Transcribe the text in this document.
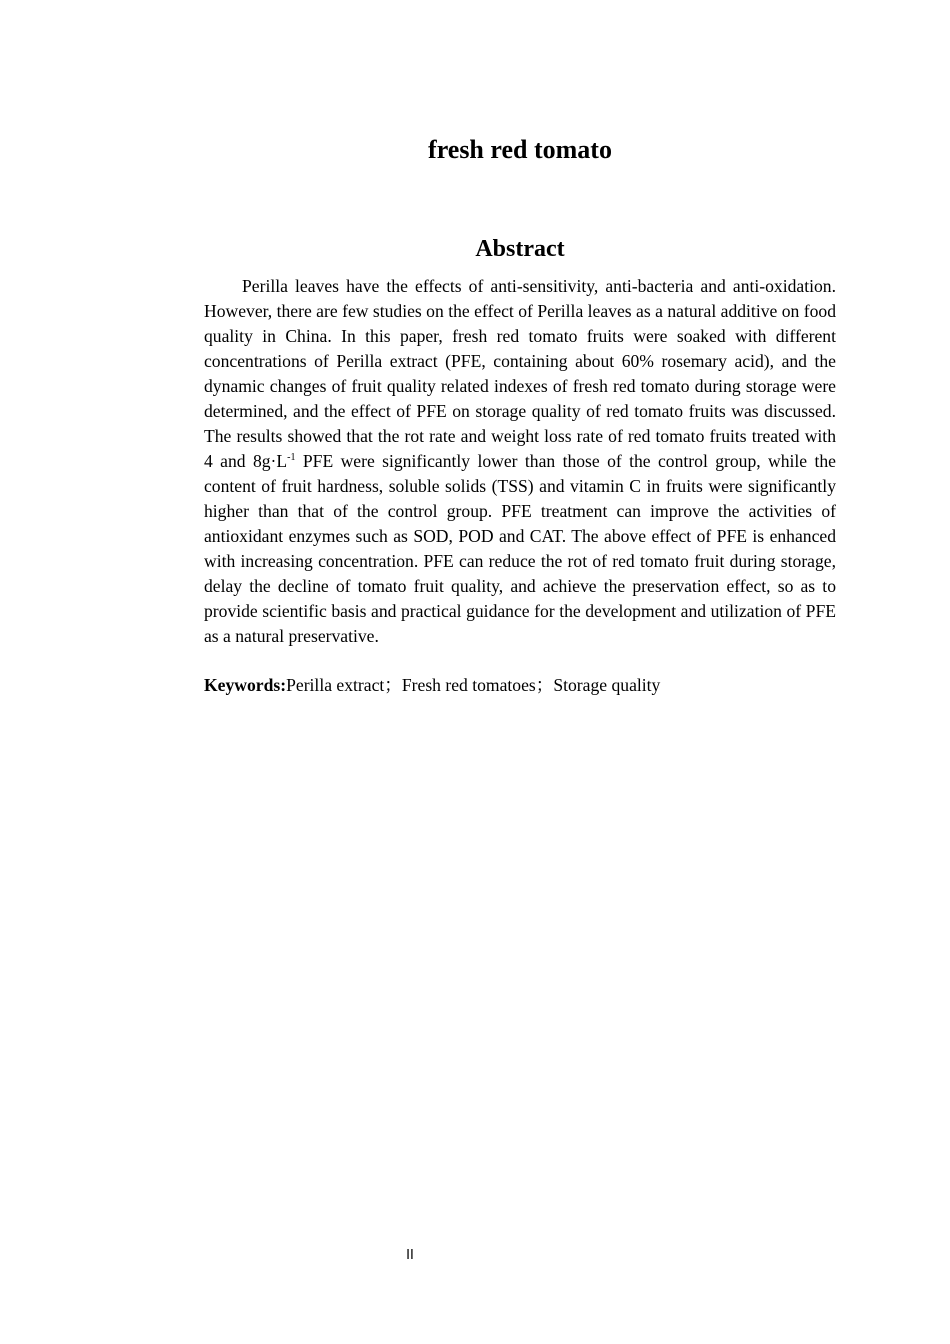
fresh red tomato
Abstract

Perilla leaves have the effects of anti-sensitivity, anti-bacteria and anti-oxidation. However, there are few studies on the effect of Perilla leaves as a natural additive on food quality in China. In this paper, fresh red tomato fruits were soaked with different concentrations of Perilla extract (PFE, containing about 60% rosemary acid), and the dynamic changes of fruit quality related indexes of fresh red tomato during storage were determined, and the effect of PFE on storage quality of red tomato fruits was discussed. The results showed that the rot rate and weight loss rate of red tomato fruits treated with 4 and $8g\cdot L^{-1}$ PFE were significantly lower than those of the control group, while the content of fruit hardness, soluble solids (TSS) and vitamin C in fruits were significantly higher than that of the control group. PFE treatment can improve the activities of antioxidant enzymes such as SOD, POD and CAT. The above effect of PFE is enhanced with increasing concentration. PFE can reduce the rot of red tomato fruit during storage, delay the decline of tomato fruit quality, and achieve the preservation effect, so as to provide scientific basis and practical guidance for the development and utilization of PFE as a natural preservative.

Keywords:Perilla extract；Fresh red tomatoes；Storage quality

II
